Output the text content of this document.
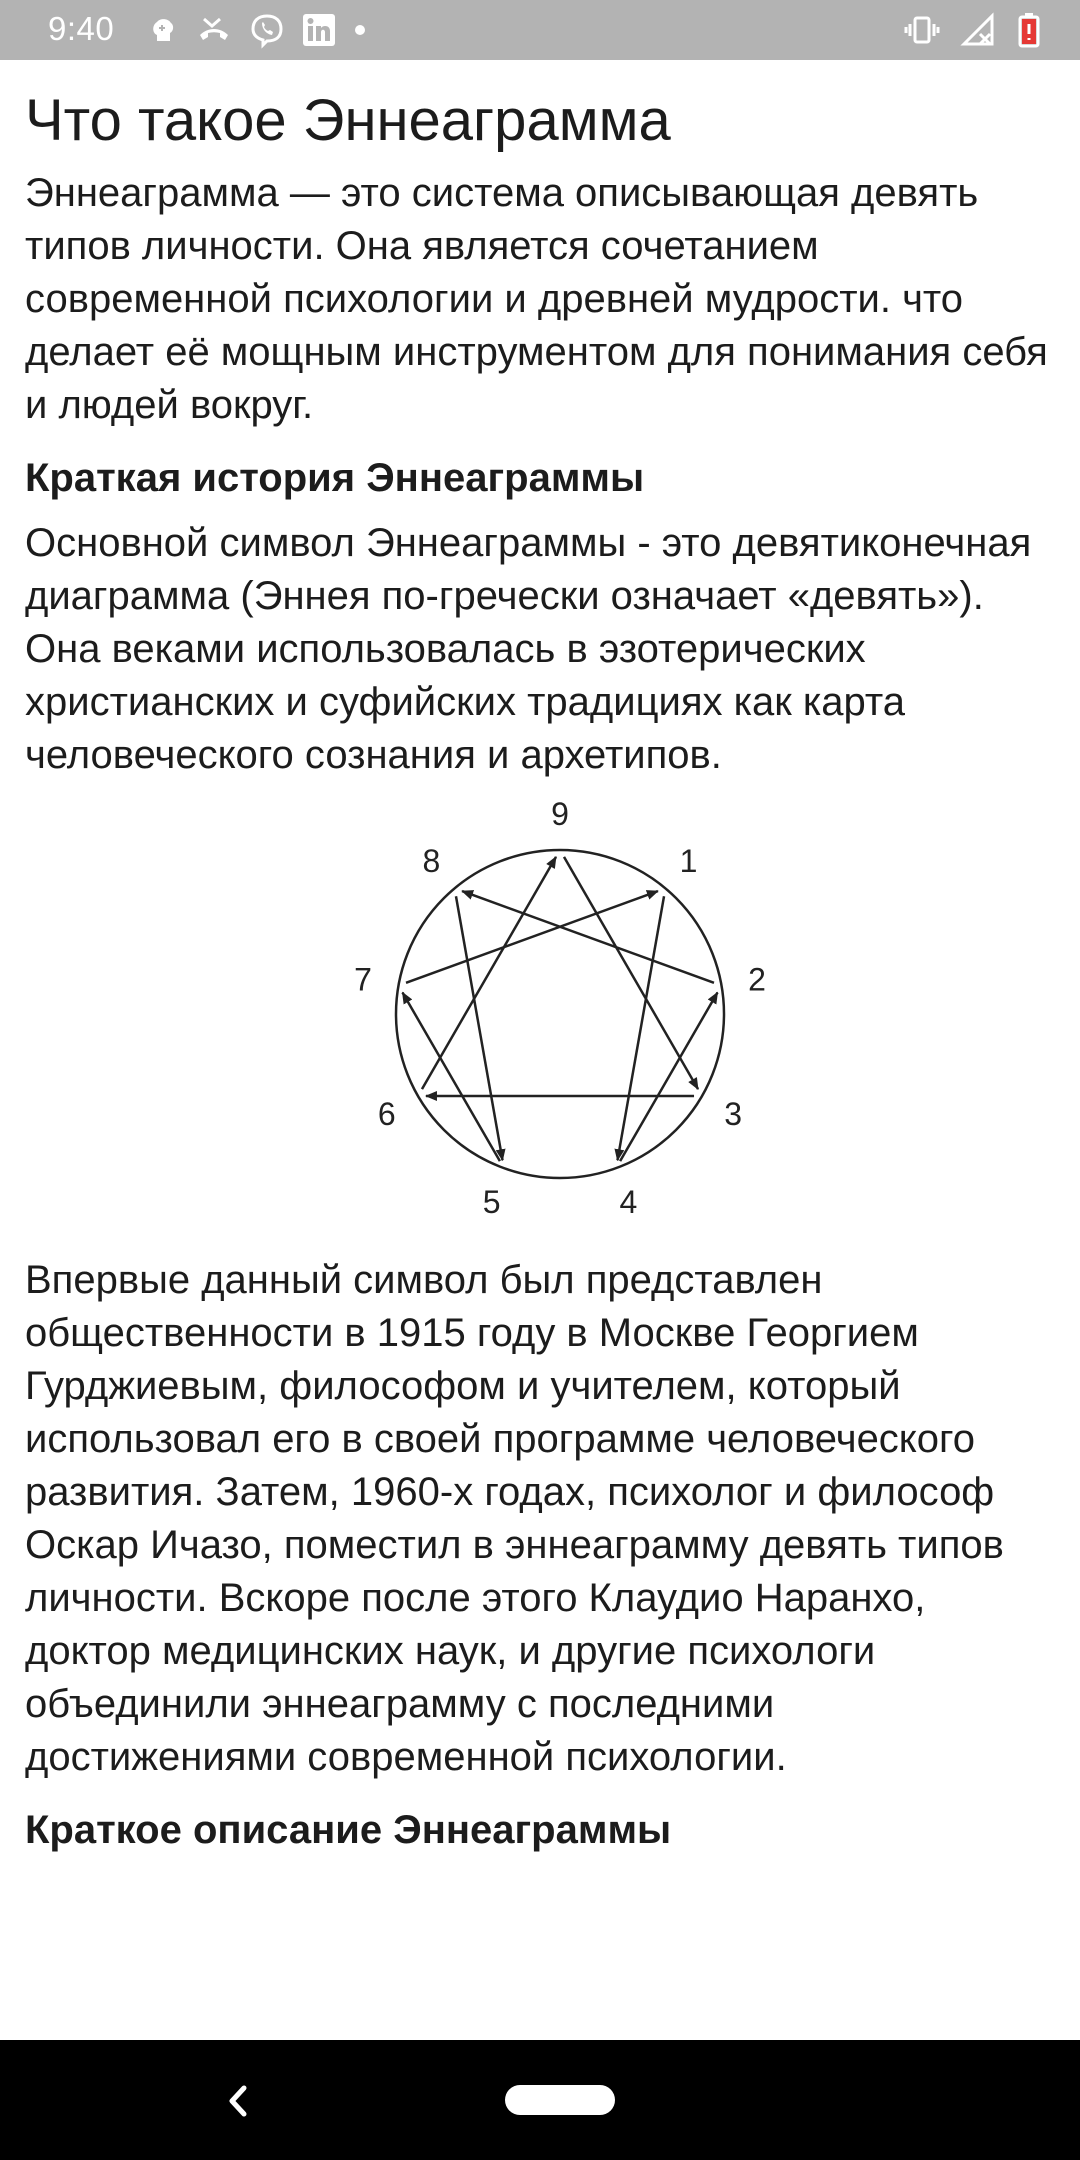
9:40
Что такое Эннеаграмма

Эннеаграмма — это система описывающая девять типов личности. Она является сочетанием современной психологии и древней мудрости. что делает её мощным инструментом для понимания себя и людей вокруг.

Краткая история Эннеаграммы

Основной символ Эннеаграммы - это девятиконечная диаграмма (Эннея по-гречески означает «девять»). Она веками использовалась в эзотерических христианских и суфийских традициях как карта человеческого сознания и архетипов.

9
1
2
3
4
5
6
7
8

Впервые данный символ был представлен общественности в 1915 году в Москве Георгием Гурджиевым, философом и учителем, который использовал его в своей программе человеческого развития. Затем, 1960-х годах, психолог и философ Оскар Ичазо, поместил в эннеаграмму девять типов личности. Вскоре после этого Клаудио Наранхо, доктор медицинских наук, и другие психологи объединили эннеаграмму с последними достижениями современной психологии.

Краткое описание Эннеаграммы
